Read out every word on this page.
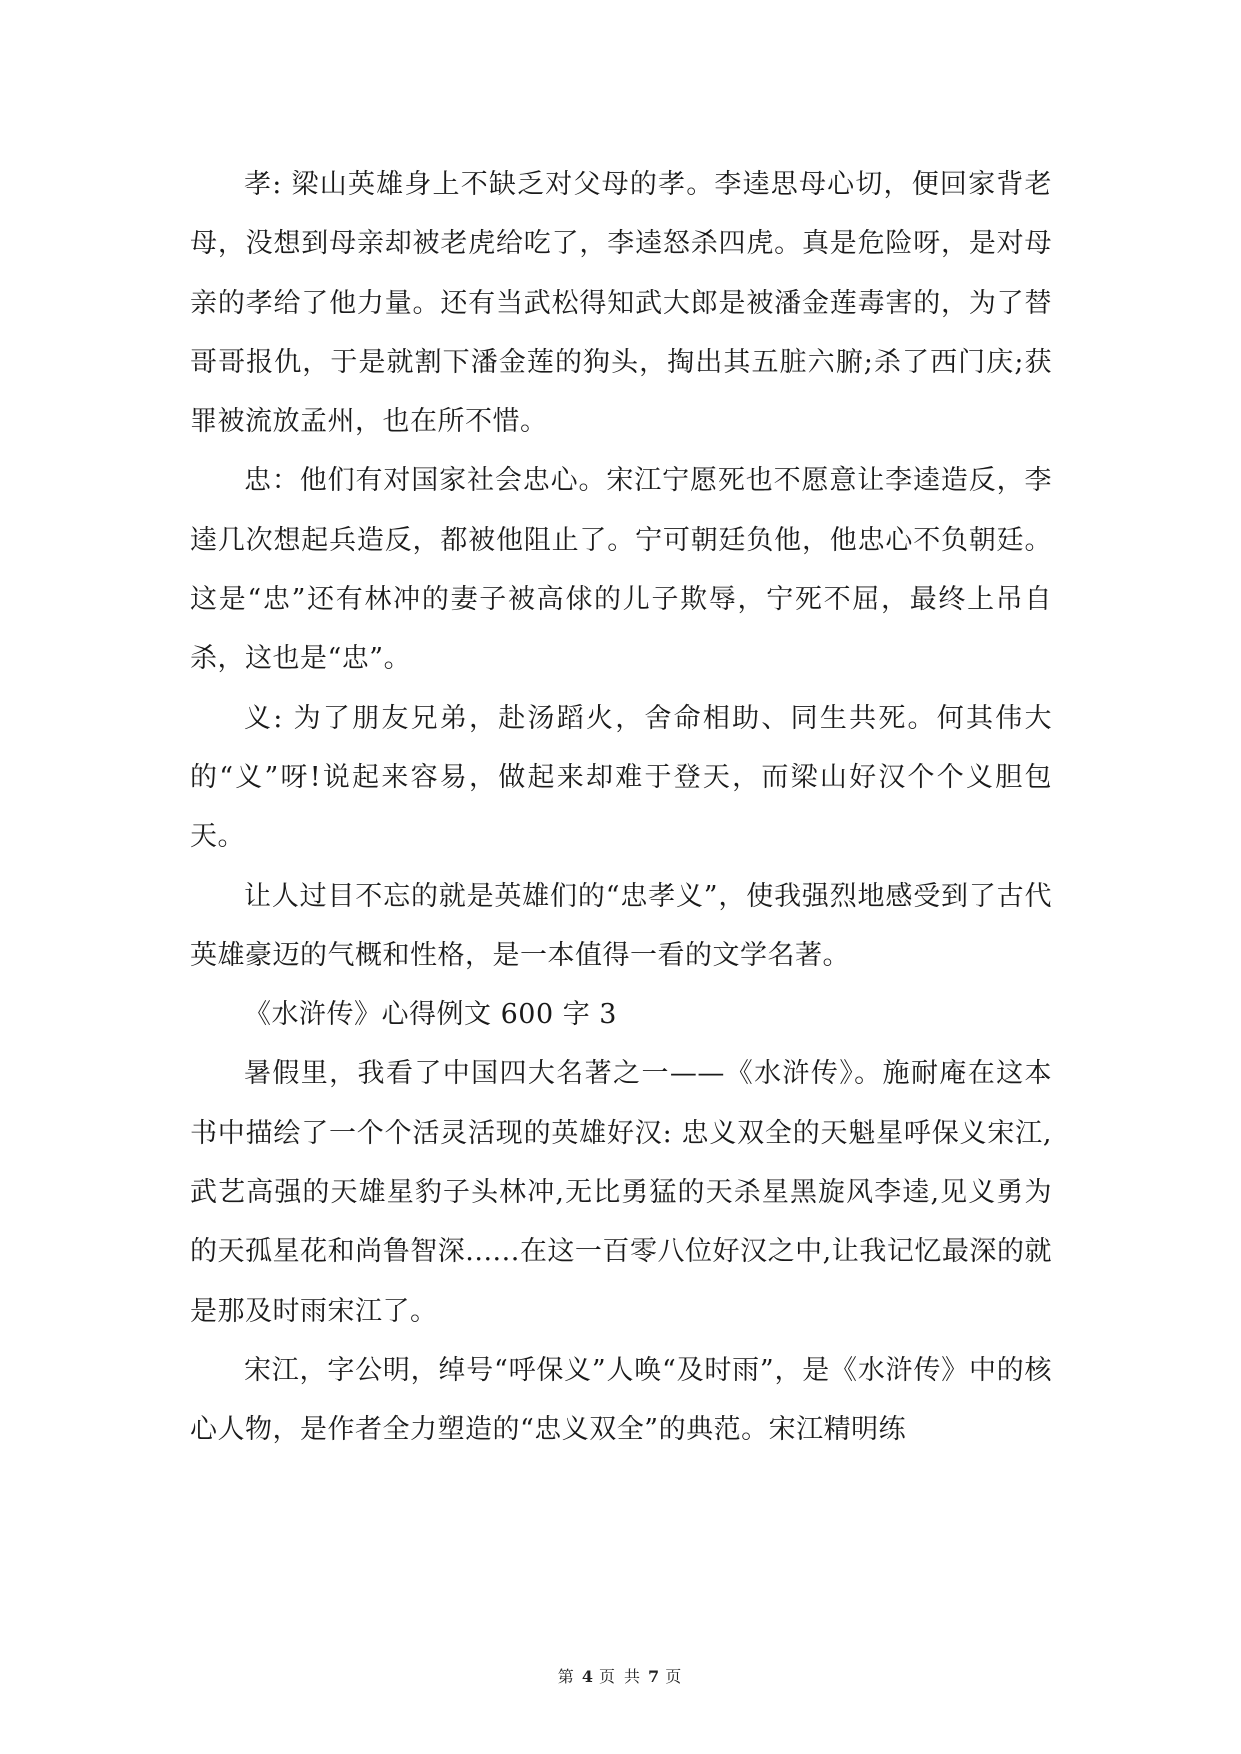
孝: 梁山英雄身上不缺乏对父母的孝。李逵思母心切，便回家背老母，没想到母亲却被老虎给吃了，李逵怒杀四虎。真是危险呀，是对母亲的孝给了他力量。还有当武松得知武大郎是被潘金莲毒害的，为了替哥哥报仇，于是就割下潘金莲的狗头，掏出其五脏六腑;杀了西门庆;获罪被流放孟州，也在所不惜。

忠：他们有对国家社会忠心。宋江宁愿死也不愿意让李逵造反，李逵几次想起兵造反，都被他阻止了。宁可朝廷负他，他忠心不负朝廷。这是“忠”还有林冲的妻子被高俅的儿子欺辱，宁死不屈，最终上吊自杀，这也是“忠”。

义: 为了朋友兄弟，赴汤蹈火，舍命相助、同生共死。何其伟大的“义”呀!说起来容易，做起来却难于登天，而梁山好汉个个义胆包天。

让人过目不忘的就是英雄们的“忠孝义”，使我强烈地感受到了古代英雄豪迈的气概和性格，是一本值得一看的文学名著。

《水浒传》心得例文 600 字 3

暑假里，我看了中国四大名著之一——《水浒传》。施耐庵在这本书中描绘了一个个活灵活现的英雄好汉: 忠义双全的天魁星呼保义宋江,武艺高强的天雄星豹子头林冲,无比勇猛的天杀星黑旋风李逵,见义勇为的天孤星花和尚鲁智深......在这一百零八位好汉之中,让我记忆最深的就是那及时雨宋江了。

宋江，字公明，绰号“呼保义”人唤“及时雨”，是《水浒传》中的核心人物，是作者全力塑造的“忠义双全”的典范。宋江精明练

第 4 页 共 7 页
